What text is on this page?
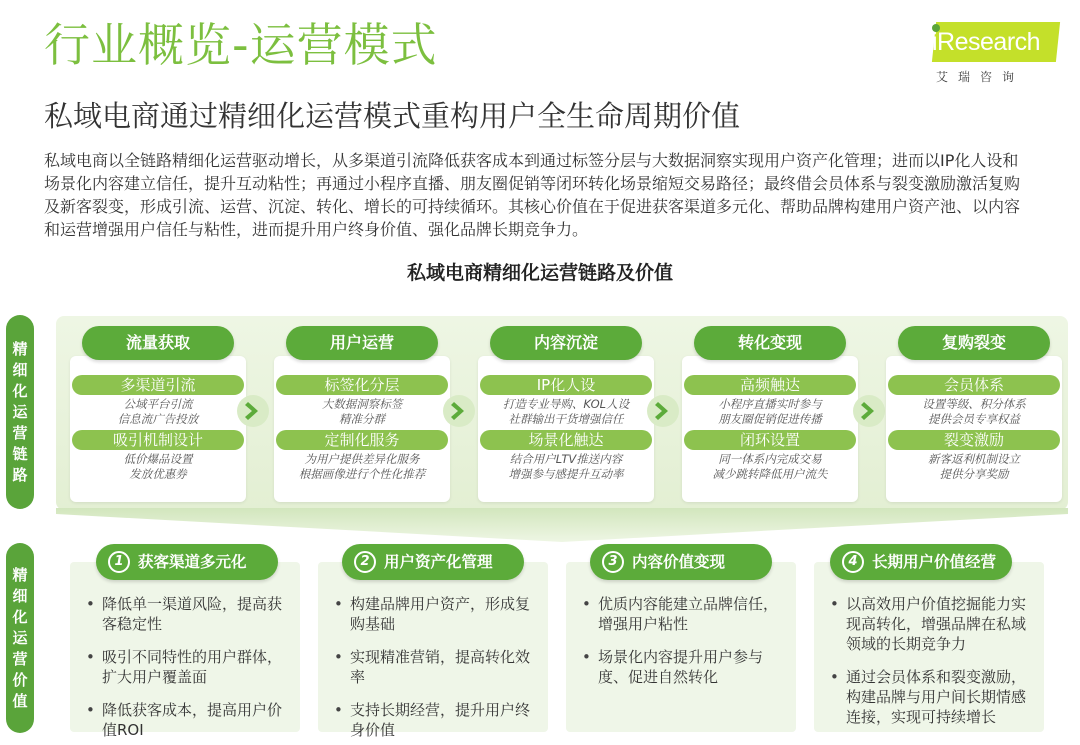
行业概览-运营模式	iResearch
艾瑞咨询
私域电商通过精细化运营模式重构用户全生命周期价值
私域电商以全链路精细化运营驱动增长，从多渠道引流降低获客成本到通过标签分层与大数据洞察实现用户资产化管理；进而以IP化人设和场景化内容建立信任，提升互动粘性；再通过小程序直播、朋友圈促销等闭环转化场景缩短交易路径；最终借会员体系与裂变激励激活复购及新客裂变，形成引流、运营、沉淀、转化、增长的可持续循环。其核心价值在于促进获客渠道多元化、帮助品牌构建用户资产池、以内容和运营增强用户信任与粘性，进而提升用户终身价值、强化品牌长期竞争力。
私域电商精细化运营链路及价值
精
细
化
运
营
链
路
精
细
化
运
营
价
值
多渠道引流
公域平台引流
信息流广告投放
吸引机制设计
低价爆品设置
发放优惠券
流量获取
标签化分层
大数据洞察标签
精准分群
定制化服务
为用户提供差异化服务
根据画像进行个性化推荐
用户运营
IP化人设
打造专业导购、KOL人设
社群输出干货增强信任
场景化触达
结合用户LTV推送内容
增强参与感提升互动率
内容沉淀
高频触达
小程序直播实时参与
朋友圈促销促进传播
闭环设置
同一体系内完成交易
减少跳转降低用户流失
转化变现
会员体系
设置等级、积分体系
提供会员专享权益
裂变激励
新客返利机制设立
提供分享奖励
复购裂变
• 降低单一渠道风险，提高获客稳定性
• 吸引不同特性的用户群体，扩大用户覆盖面
• 降低获客成本，提高用户价值ROI
1 获客渠道多元化
• 构建品牌用户资产，形成复购基础
• 实现精准营销，提高转化效率
• 支持长期经营，提升用户终身价值
2 用户资产化管理
• 优质内容能建立品牌信任，增强用户粘性
• 场景化内容提升用户参与度、促进自然转化
3 内容价值变现
• 以高效用户价值挖掘能力实现高转化，增强品牌在私域领域的长期竞争力
• 通过会员体系和裂变激励，构建品牌与用户间长期情感连接，实现可持续增长
4 长期用户价值经营
